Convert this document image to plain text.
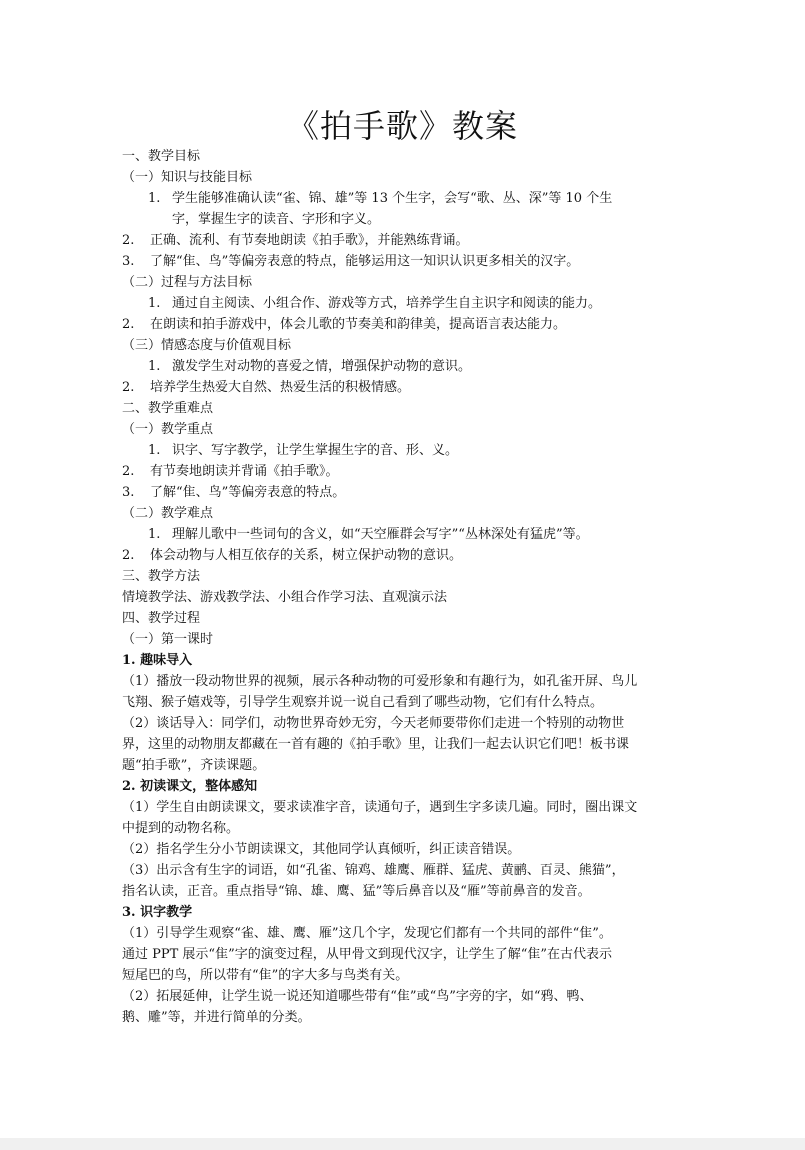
《拍手歌》教案
一、教学目标
（一）知识与技能目标
1. 学生能够准确认读“雀、锦、雄”等 13 个生字，会写“歌、丛、深”等 10 个生
字，掌握生字的读音、字形和字义。
2. 正确、流利、有节奏地朗读《拍手歌》，并能熟练背诵。
3. 了解“隹、鸟”等偏旁表意的特点，能够运用这一知识认识更多相关的汉字。
（二）过程与方法目标
1. 通过自主阅读、小组合作、游戏等方式，培养学生自主识字和阅读的能力。
2. 在朗读和拍手游戏中，体会儿歌的节奏美和韵律美，提高语言表达能力。
（三）情感态度与价值观目标
1. 激发学生对动物的喜爱之情，增强保护动物的意识。
2. 培养学生热爱大自然、热爱生活的积极情感。
二、教学重难点
（一）教学重点
1. 识字、写字教学，让学生掌握生字的音、形、义。
2. 有节奏地朗读并背诵《拍手歌》。
3. 了解“隹、鸟”等偏旁表意的特点。
（二）教学难点
1. 理解儿歌中一些词句的含义，如“天空雁群会写字”“丛林深处有猛虎”等。
2. 体会动物与人相互依存的关系，树立保护动物的意识。
三、教学方法
情境教学法、游戏教学法、小组合作学习法、直观演示法
四、教学过程
（一）第一课时
1. 趣味导入
（1）播放一段动物世界的视频，展示各种动物的可爱形象和有趣行为，如孔雀开屏、鸟儿
飞翔、猴子嬉戏等，引导学生观察并说一说自己看到了哪些动物，它们有什么特点。
（2）谈话导入：同学们，动物世界奇妙无穷，今天老师要带你们走进一个特别的动物世
界，这里的动物朋友都藏在一首有趣的《拍手歌》里，让我们一起去认识它们吧！板书课
题“拍手歌”，齐读课题。
2. 初读课文，整体感知
（1）学生自由朗读课文，要求读准字音，读通句子，遇到生字多读几遍。同时，圈出课文
中提到的动物名称。
（2）指名学生分小节朗读课文，其他同学认真倾听，纠正读音错误。
（3）出示含有生字的词语，如“孔雀、锦鸡、雄鹰、雁群、猛虎、黄鹂、百灵、熊猫”，
指名认读，正音。重点指导“锦、雄、鹰、猛”等后鼻音以及“雁”等前鼻音的发音。
3. 识字教学
（1）引导学生观察“雀、雄、鹰、雁”这几个字，发现它们都有一个共同的部件“隹”。
通过 PPT 展示“隹”字的演变过程，从甲骨文到现代汉字，让学生了解“隹”在古代表示
短尾巴的鸟，所以带有“隹”的字大多与鸟类有关。
（2）拓展延伸，让学生说一说还知道哪些带有“隹”或“鸟”字旁的字，如“鸦、鸭、
鹅、雕”等，并进行简单的分类。
